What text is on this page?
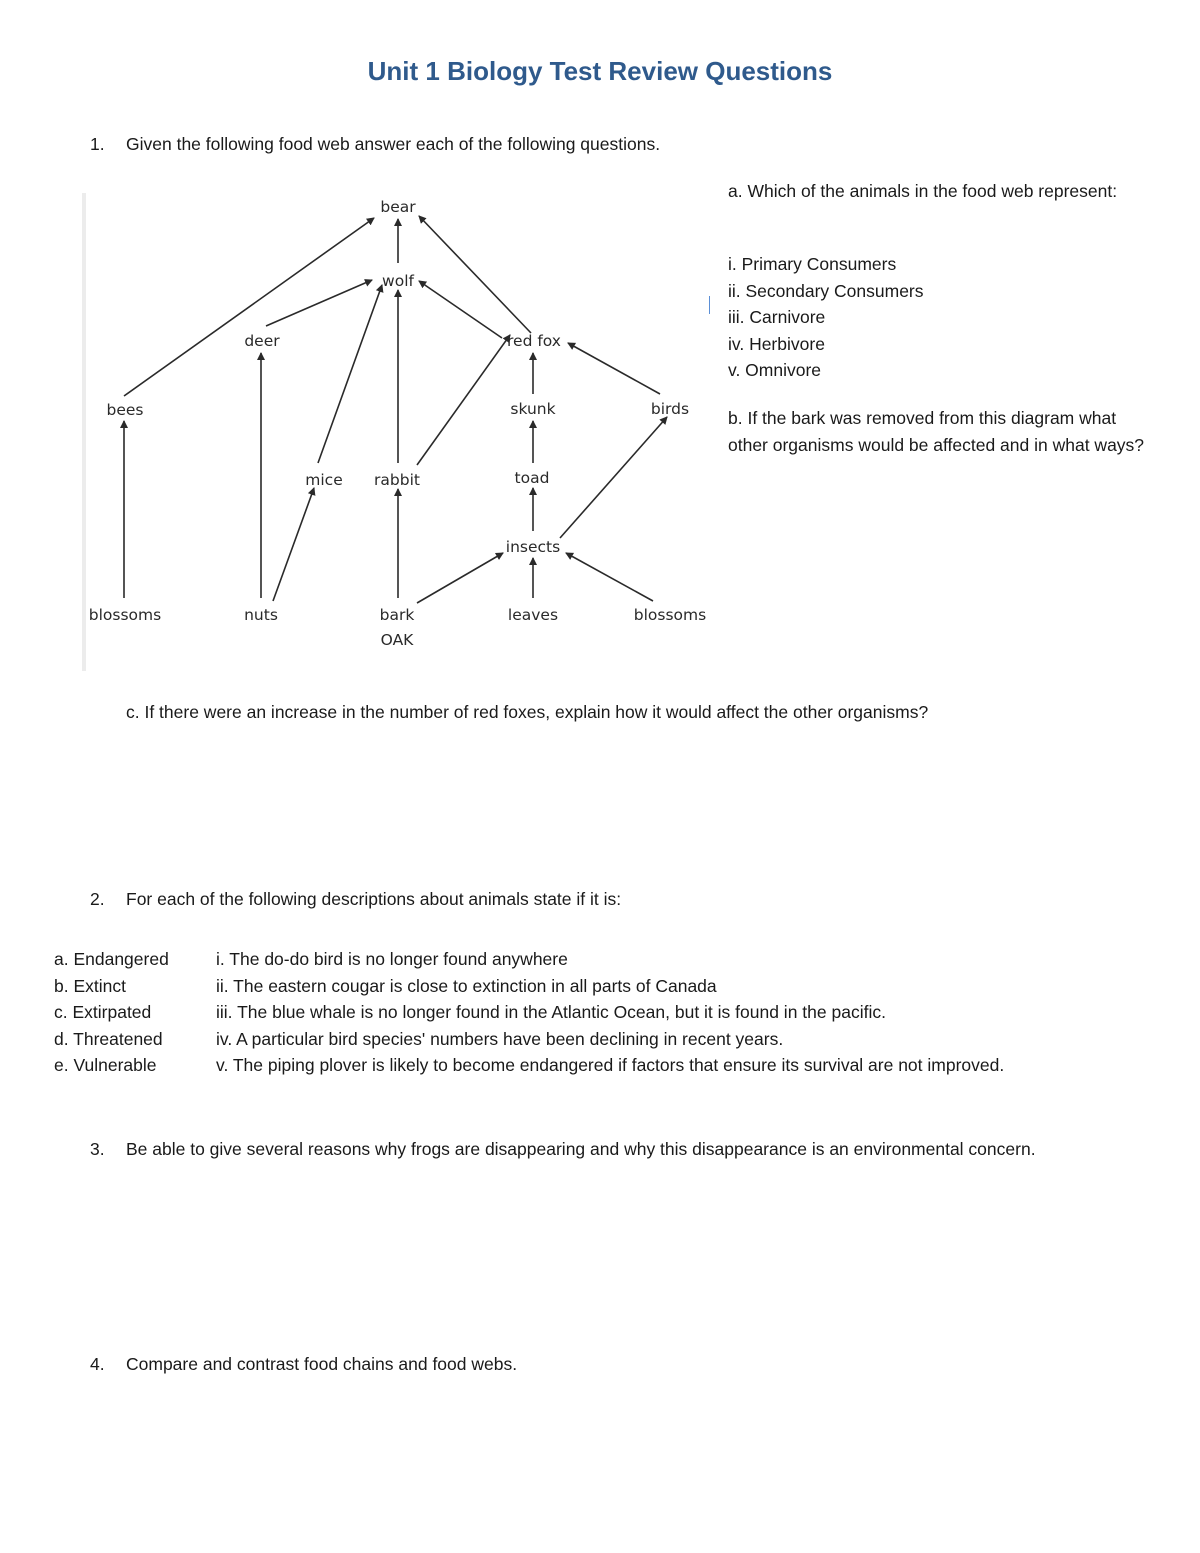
Unit 1 Biology Test Review Questions
1. Given the following food web answer each of the following questions.
bear
wolf
deer	red fox
bees	skunk	birds
mice rabbit	toad
insects
blossoms	nuts	bark	leaves	blossoms
OAK
a. Which of the animals in the food web represent:
i. Primary Consumers
ii. Secondary Consumers
iii. Carnivore
iv. Herbivore
v. Omnivore
b. If the bark was removed from this diagram what other organisms would be affected and in what ways?
c. If there were an increase in the number of red foxes, explain how it would affect the other organisms?
2. For each of the following descriptions about animals state if it is:
a. Endangered
b. Extinct
c. Extirpated
d. Threatened
e. Vulnerable
i. The do-do bird is no longer found anywhere
ii. The eastern cougar is close to extinction in all parts of Canada
iii. The blue whale is no longer found in the Atlantic Ocean, but it is found in the pacific.
iv. A particular bird species' numbers have been declining in recent years.
v. The piping plover is likely to become endangered if factors that ensure its survival are not improved.
3. Be able to give several reasons why frogs are disappearing and why this disappearance is an environmental concern.
4. Compare and contrast food chains and food webs.
